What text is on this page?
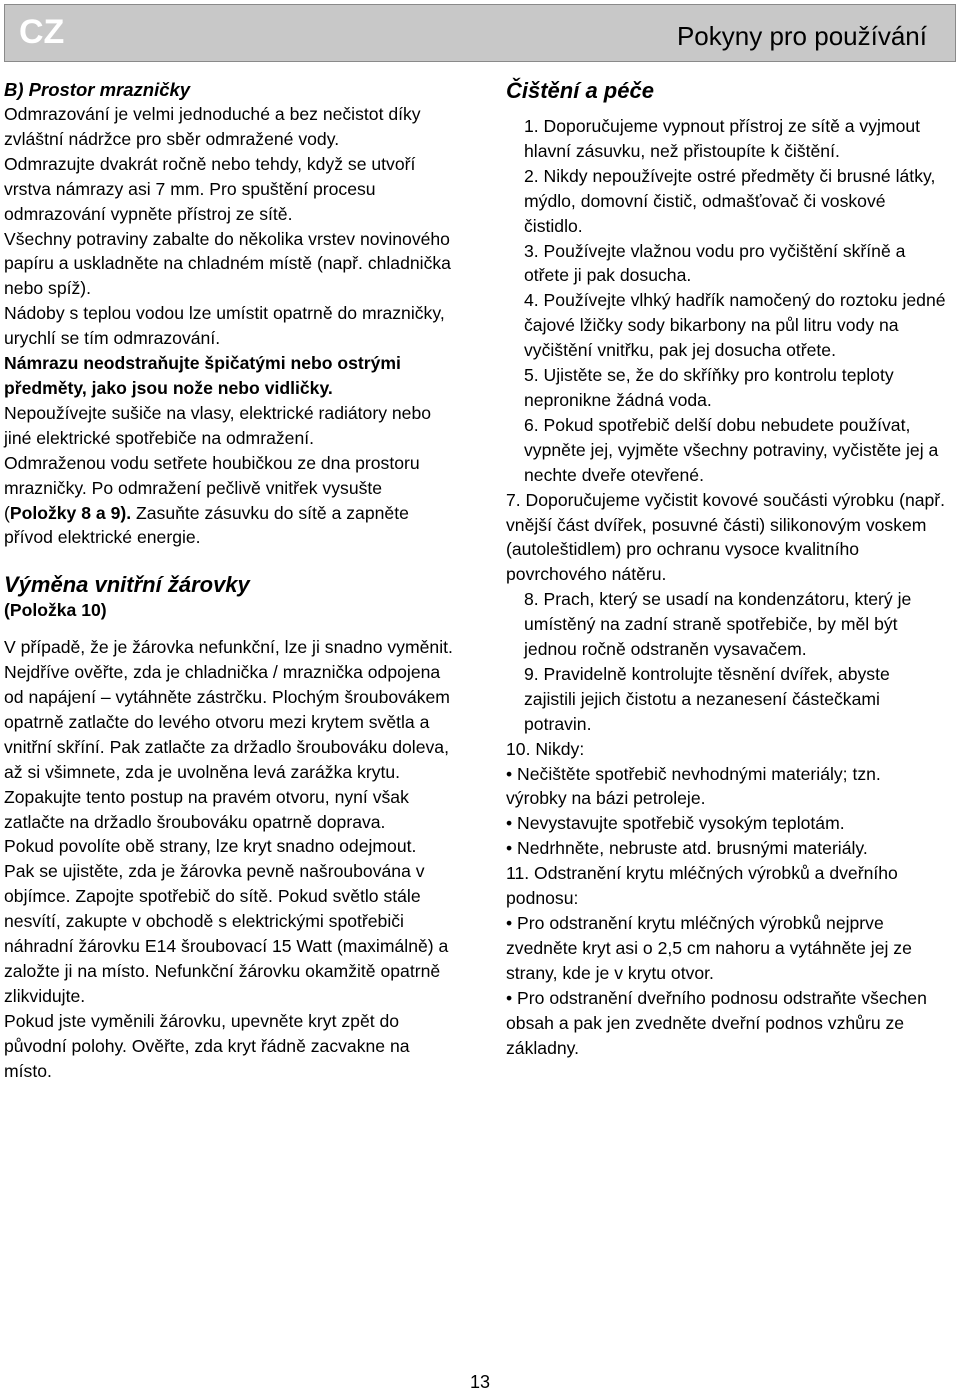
CZ	Pokyny pro používání

B) Prostor mrazničky

Odmrazování je velmi jednoduché a bez nečistot díky zvláštní nádržce pro sběr odmražené vody.

Odmrazujte dvakrát ročně nebo tehdy, když se utvoří vrstva námrazy asi 7 mm. Pro spuštění procesu odmrazování vypněte přístroj ze sítě.

Všechny potraviny zabalte do několika vrstev novinového papíru a uskladněte na chladném místě (např. chladnička nebo spíž).

Nádoby s teplou vodou lze umístit opatrně do mrazničky, urychlí se tím odmrazování.

Námrazu neodstraňujte špičatými nebo ostrými předměty, jako jsou nože nebo vidličky.

Nepoužívejte sušiče na vlasy, elektrické radiátory nebo jiné elektrické spotřebiče na odmražení.

Odmraženou vodu setřete houbičkou ze dna prostoru mrazničky. Po odmražení pečlivě vnitřek vysušte (Položky 8 a 9). Zasuňte zásuvku do sítě a zapněte přívod elektrické energie.

Výměna vnitřní žárovky

(Položka 10)

V případě, že je žárovka nefunkční, lze ji snadno vyměnit. Nejdříve ověřte, zda je chladnička / mraznička odpojena od napájení – vytáhněte zástrčku. Plochým šroubovákem opatrně zatlačte do levého otvoru mezi krytem světla a vnitřní skříní. Pak zatlačte za držadlo šroubováku doleva, až si všimnete, zda je uvolněna levá zarážka krytu. Zopakujte tento postup na pravém otvoru, nyní však zatlačte na držadlo šroubováku opatrně doprava.

Pokud povolíte obě strany, lze kryt snadno odejmout.

Pak se ujistěte, zda je žárovka pevně našroubována v objímce. Zapojte spotřebič do sítě. Pokud světlo stále nesvítí, zakupte v obchodě s elektrickými spotřebiči náhradní žárovku E14 šroubovací 15 Watt (maximálně) a založte ji na místo. Nefunkční žárovku okamžitě opatrně zlikvidujte.

Pokud jste vyměnili žárovku, upevněte kryt zpět do původní polohy. Ověřte, zda kryt řádně zacvakne na místo.

Čištění a péče

1. Doporučujeme vypnout přístroj ze sítě a vyjmout hlavní zásuvku, než přistoupíte k čištění.

2. Nikdy nepoužívejte ostré předměty či brusné látky, mýdlo, domovní čistič, odmašťovač či voskové čistidlo.

3. Používejte vlažnou vodu pro vyčištění skříně a otřete ji pak dosucha.

4. Používejte vlhký hadřík namočený do roztoku jedné čajové lžičky sody bikarbony na půl litru vody na vyčištění vnitřku, pak jej dosucha otřete.

5. Ujistěte se, že do skříňky pro kontrolu teploty nepronikne žádná voda.

6. Pokud spotřebič delší dobu nebudete používat, vypněte jej, vyjměte všechny potraviny, vyčistěte jej a nechte dveře otevřené.

7. Doporučujeme vyčistit kovové součásti výrobku (např. vnější část dvířek, posuvné části) silikonovým voskem (autoleštidlem) pro ochranu vysoce kvalitního povrchového nátěru.

8. Prach, který se usadí na kondenzátoru, který je umístěný na zadní straně spotřebiče, by měl být jednou ročně odstraněn vysavačem.

9. Pravidelně kontrolujte těsnění dvířek, abyste zajistili jejich čistotu a nezanesení částečkami potravin.

10. Nikdy:

• Nečištěte spotřebič nevhodnými materiály; tzn. výrobky na bázi petroleje.

• Nevystavujte spotřebič vysokým teplotám.

• Nedrhněte, nebruste atd. brusnými materiály.

11. Odstranění krytu mléčných výrobků a dveřního podnosu:

• Pro odstranění krytu mléčných výrobků nejprve zvedněte kryt asi o 2,5 cm nahoru a vytáhněte jej ze strany, kde je v krytu otvor.

• Pro odstranění dveřního podnosu odstraňte všechen obsah a pak jen zvedněte dveřní podnos vzhůru ze základny.

13
